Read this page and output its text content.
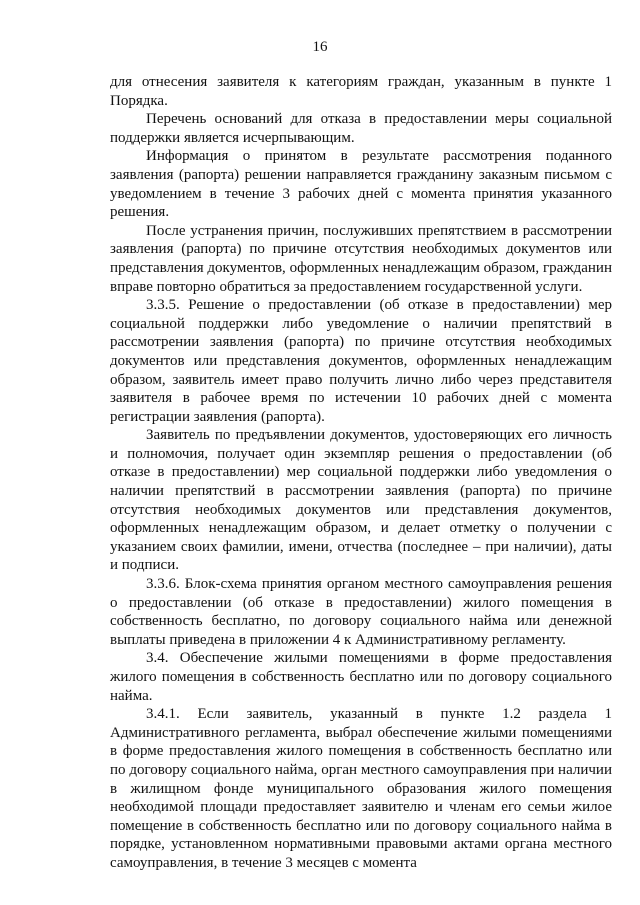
16

для отнесения заявителя к категориям граждан, указанным в пункте 1 Порядка.

Перечень оснований для отказа в предоставлении меры социальной поддержки является исчерпывающим.

Информация о принятом в результате рассмотрения поданного заявления (рапорта) решении направляется гражданину заказным письмом с уведомлением в течение 3 рабочих дней с момента принятия указанного решения.

После устранения причин, послуживших препятствием в рассмотрении заявления (рапорта) по причине отсутствия необходимых документов или представления документов, оформленных ненадлежащим образом, гражданин вправе повторно обратиться за предоставлением государственной услуги.

3.3.5. Решение о предоставлении (об отказе в предоставлении) мер социальной поддержки либо уведомление о наличии препятствий в рассмотрении заявления (рапорта) по причине отсутствия необходимых документов или представления документов, оформленных ненадлежащим образом, заявитель имеет право получить лично либо через представителя заявителя в рабочее время по истечении 10 рабочих дней с момента регистрации заявления (рапорта).

Заявитель по предъявлении документов, удостоверяющих его личность и полномочия, получает один экземпляр решения о предоставлении (об отказе в предоставлении) мер социальной поддержки либо уведомления о наличии препятствий в рассмотрении заявления (рапорта) по причине отсутствия необходимых документов или представления документов, оформленных ненадлежащим образом, и делает отметку о получении с указанием своих фамилии, имени, отчества (последнее – при наличии), даты и подписи.

3.3.6. Блок-схема принятия органом местного самоуправления решения о предоставлении (об отказе в предоставлении) жилого помещения в собственность бесплатно, по договору социального найма или денежной выплаты приведена в приложении 4 к Административному регламенту.

3.4. Обеспечение жилыми помещениями в форме предоставления жилого помещения в собственность бесплатно или по договору социального найма.

3.4.1. Если заявитель, указанный в пункте 1.2 раздела 1 Административного регламента, выбрал обеспечение жилыми помещениями в форме предоставления жилого помещения в собственность бесплатно или по договору социального найма, орган местного самоуправления при наличии в жилищном фонде муниципального образования жилого помещения необходимой площади предоставляет заявителю и членам его семьи жилое помещение в собственность бесплатно или по договору социального найма в порядке, установленном нормативными правовыми актами органа местного самоуправления, в течение 3 месяцев с момента
